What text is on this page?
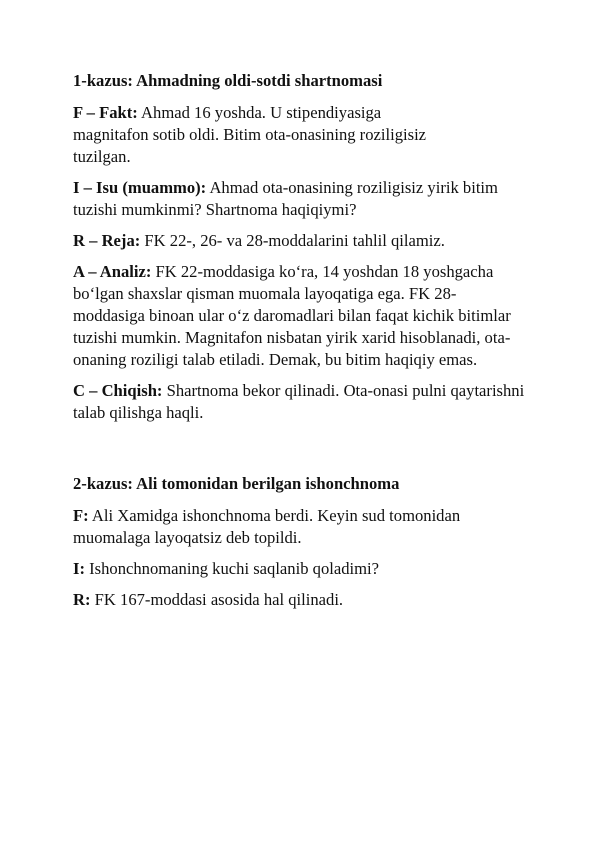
1-kazus: Ahmadning oldi-sotdi shartnomasi

F – Fakt: Ahmad 16 yoshda. U stipendiyasiga magnitafon sotib oldi. Bitim ota-onasining roziligisiz tuzilgan.

I – Isu (muammo): Ahmad ota-onasining roziligisiz yirik bitim tuzishi mumkinmi? Shartnoma haqiqiymi?

R – Reja: FK 22-, 26- va 28-moddalarini tahlil qilamiz.

A – Analiz: FK 22-moddasiga ko‘ra, 14 yoshdan 18 yoshgacha bo‘lgan shaxslar qisman muomala layoqatiga ega. FK 28-moddasiga binoan ular o‘z daromadlari bilan faqat kichik bitimlar tuzishi mumkin. Magnitafon nisbatan yirik xarid hisoblanadi, ota-onaning roziligi talab etiladi. Demak, bu bitim haqiqiy emas.

C – Chiqish: Shartnoma bekor qilinadi. Ota-onasi pulni qaytarishni talab qilishga haqli.

2-kazus: Ali tomonidan berilgan ishonchnoma

F: Ali Xamidga ishonchnoma berdi. Keyin sud tomonidan muomalaga layoqatsiz deb topildi.

I: Ishonchnomaning kuchi saqlanib qoladimi?

R: FK 167-moddasi asosida hal qilinadi.
